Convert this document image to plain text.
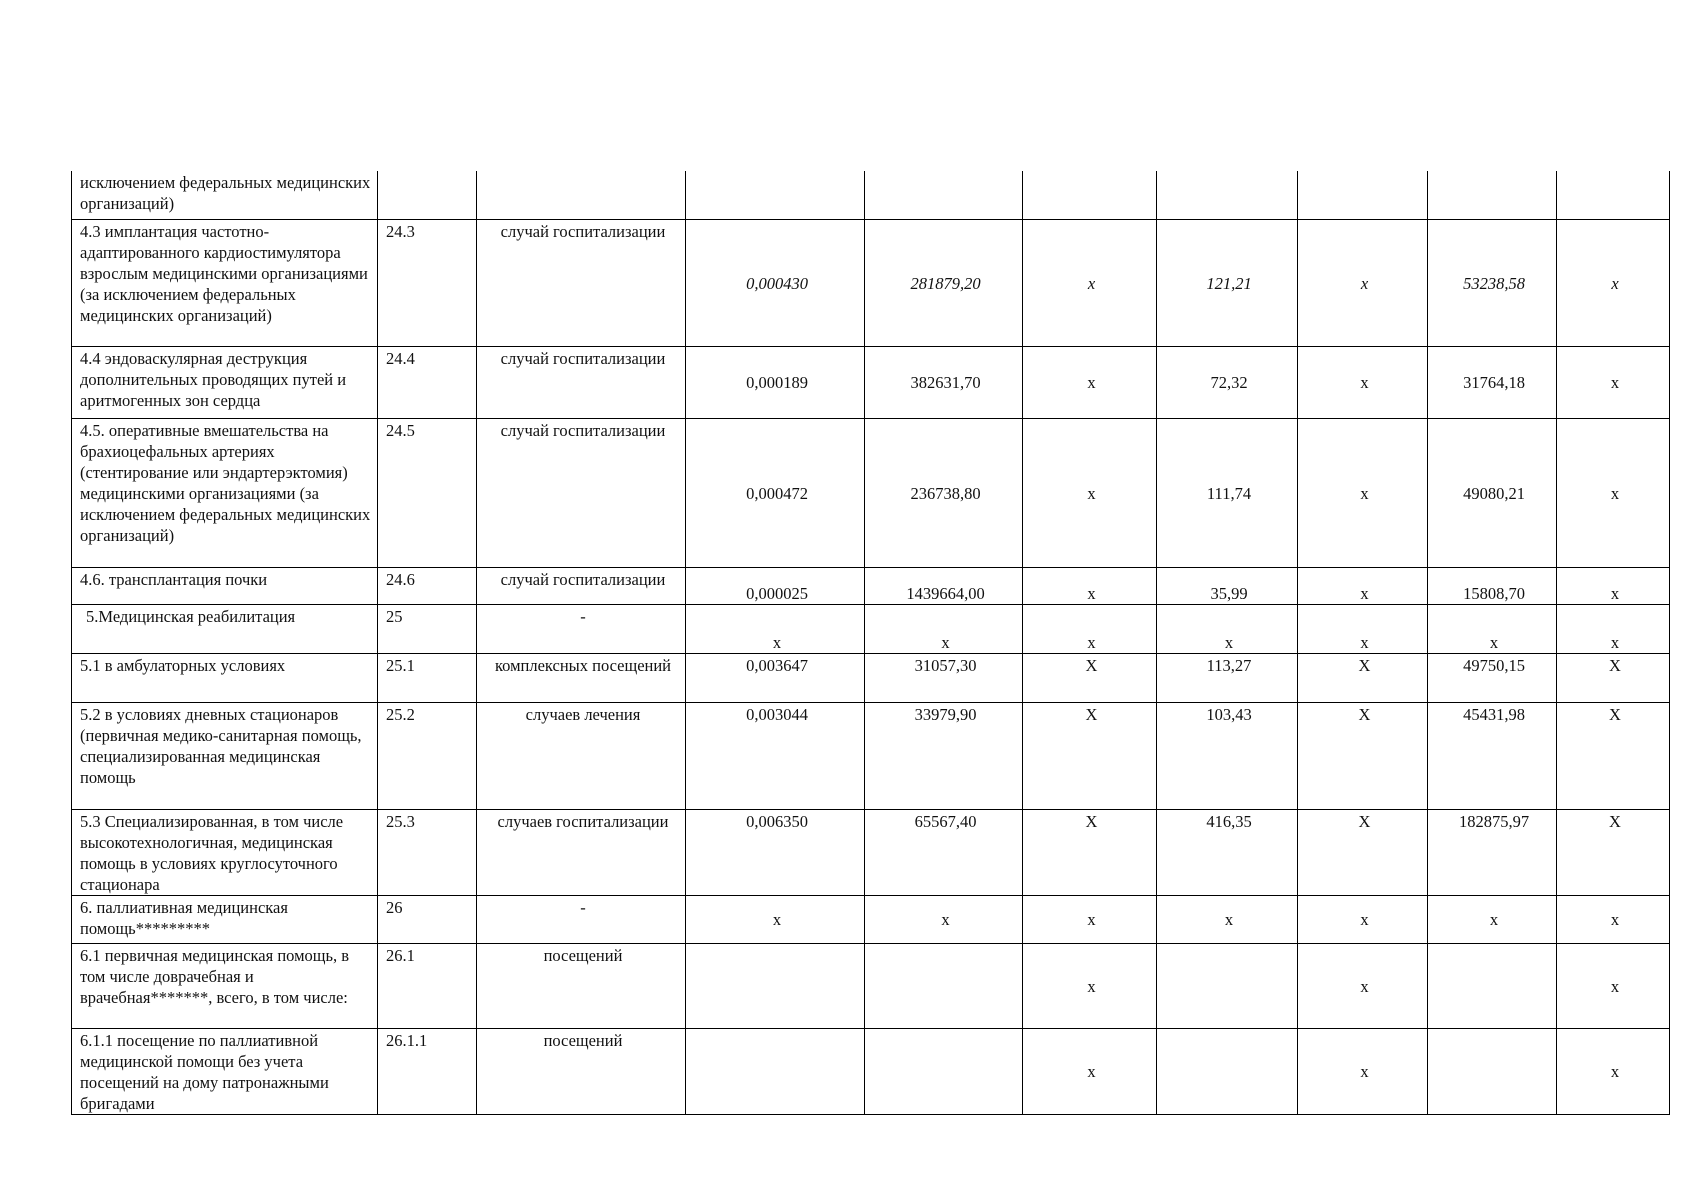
исключением федеральных медицинских организаций)									
4.3 имплантация частотно-адаптированного кардиостимулятора взрослым медицинскими организациями (за исключением федеральных медицинских организаций)	24.3	случай госпитализации	0,000430	281879,20	х	121,21	х	53238,58	х
4.4 эндоваскулярная деструкция дополнительных проводящих путей и аритмогенных зон сердца	24.4	случай госпитализации	0,000189	382631,70	х	72,32	х	31764,18	х
4.5. оперативные вмешательства на брахиоцефальных артериях (стентирование или эндартерэктомия) медицинскими организациями (за исключением федеральных медицинских организаций)	24.5	случай госпитализации	0,000472	236738,80	х	111,74	х	49080,21	х
4.6. трансплантация почки	24.6	случай госпитализации	0,000025	1439664,00	х	35,99	х	15808,70	х
5.Медицинская реабилитация	25	-	х	х	х	х	х	х	х
5.1 в амбулаторных условиях	25.1	комплексных посещений	0,003647	31057,30	Х	113,27	Х	49750,15	Х
5.2 в условиях дневных стационаров (первичная медико-санитарная помощь, специализированная медицинская помощь	25.2	случаев лечения	0,003044	33979,90	Х	103,43	Х	45431,98	Х
5.3 Специализированная, в том числе высокотехнологичная, медицинская помощь в условиях круглосуточного стационара	25.3	случаев госпитализации	0,006350	65567,40	Х	416,35	Х	182875,97	Х
6. паллиативная медицинская помощь*********	26	-	х	х	х	х	х	х	х
6.1 первичная медицинская помощь, в том числе доврачебная и врачебная*******, всего, в том числе:	26.1	посещений			х		х		х
6.1.1 посещение по паллиативной медицинской помощи без учета посещений на дому патронажными бригадами	26.1.1	посещений			х		х		х
